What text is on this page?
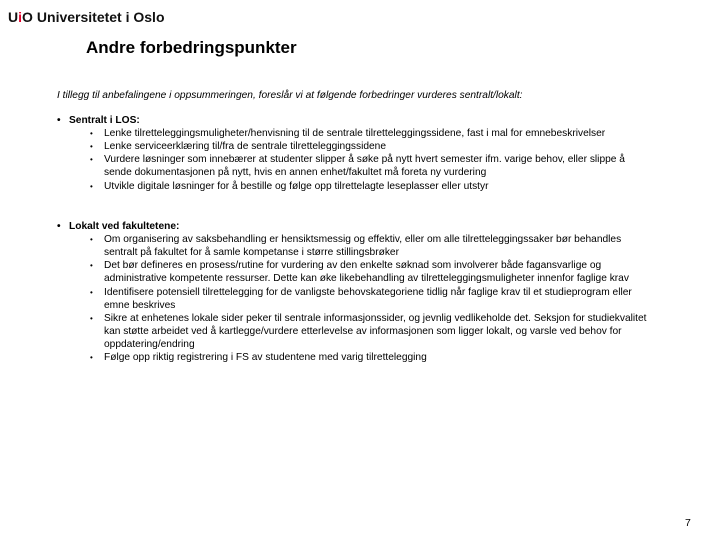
UiO Universitetet i Oslo
Andre forbedringspunkter
I tillegg til anbefalingene i oppsummeringen, foreslår vi at følgende forbedringer vurderes sentralt/lokalt:
• Sentralt i LOS:
•	Lenke tilretteleggingsmuligheter/henvisning til de sentrale tilretteleggingssidene, fast i mal for emnebeskrivelser
•	Lenke serviceerklæring til/fra de sentrale tilretteleggingssidene
•	Vurdere løsninger som innebærer at studenter slipper å søke på nytt hvert semester ifm. varige behov, eller slippe å sende dokumentasjonen på nytt, hvis en annen enhet/fakultet må foreta ny vurdering
•	Utvikle digitale løsninger for å bestille og følge opp tilrettelagte leseplasser eller utstyr
• Lokalt ved fakultetene:
•	Om organisering av saksbehandling er hensiktsmessig og effektiv, eller om alle tilretteleggingssaker bør behandles sentralt på fakultet for å samle kompetanse i større stillingsbrøker
•	Det bør defineres en prosess/rutine for vurdering av den enkelte søknad som involverer både fagansvarlige og administrative kompetente ressurser. Dette kan øke likebehandling av tilretteleggingsmuligheter innenfor faglige krav
•	Identifisere potensiell tilrettelegging for de vanligste behovskategoriene tidlig når faglige krav til et studieprogram eller emne beskrives
•	Sikre at enhetenes lokale sider peker til sentrale informasjonssider, og jevnlig vedlikeholde det. Seksjon for studiekvalitet kan støtte arbeidet ved å kartlegge/vurdere etterlevelse av informasjonen som ligger lokalt, og varsle ved behov for oppdatering/endring
•	Følge opp riktig registrering i FS av studentene med varig tilrettelegging
7
